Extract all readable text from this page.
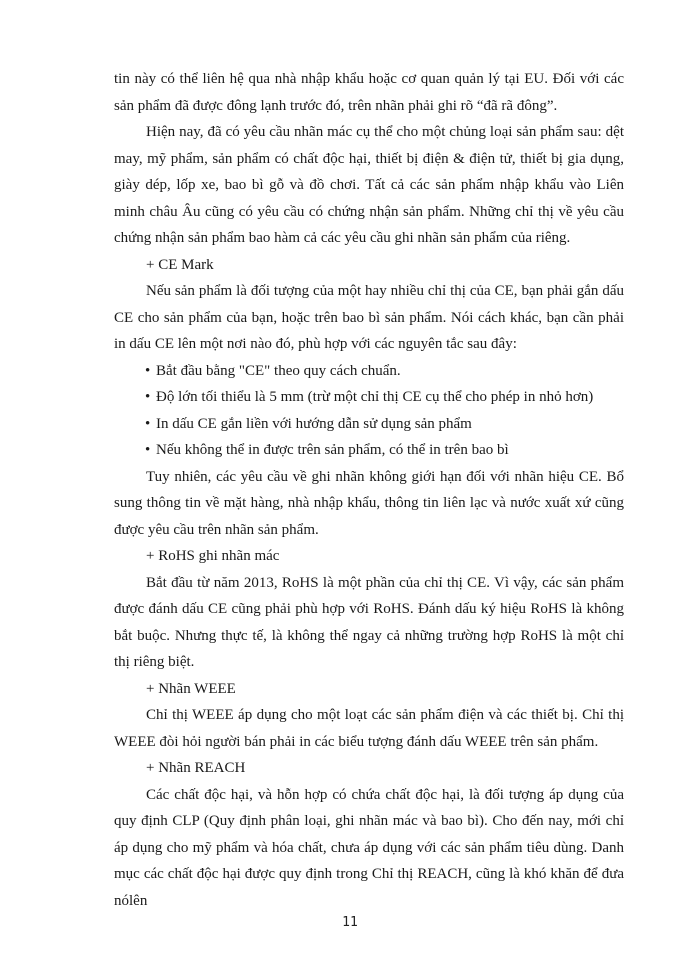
tin này có thể liên hệ qua nhà nhập khẩu hoặc cơ quan quản lý tại EU. Đối với các sản phẩm đã được đông lạnh trước đó, trên nhãn phải ghi rõ “đã rã đông”.

Hiện nay, đã có yêu cầu nhãn mác cụ thể cho một chủng loại sản phẩm sau: dệt may, mỹ phẩm, sản phẩm có chất độc hại, thiết bị điện & điện tử, thiết bị gia dụng, giày dép, lốp xe, bao bì gỗ và đồ chơi. Tất cả các sản phẩm nhập khẩu vào Liên minh châu Âu cũng có yêu cầu có chứng nhận sản phẩm. Những chỉ thị về yêu cầu chứng nhận sản phẩm bao hàm cả các yêu cầu ghi nhãn sản phẩm của riêng.

+ CE Mark

Nếu sản phẩm là đối tượng của một hay nhiều chỉ thị của CE, bạn phải gắn dấu CE cho sản phẩm của bạn, hoặc trên bao bì sản phẩm. Nói cách khác, bạn cần phải in dấu CE lên một nơi nào đó, phù hợp với các nguyên tắc sau đây:

• Bắt đầu bằng "CE" theo quy cách chuẩn.
• Độ lớn tối thiểu là 5 mm (trừ một chỉ thị CE cụ thể cho phép in nhỏ hơn)
• In dấu CE gắn liền với hướng dẫn sử dụng sản phẩm
• Nếu không thể in được trên sản phẩm, có thể in trên bao bì

Tuy nhiên, các yêu cầu về ghi nhãn không giới hạn đối với nhãn hiệu CE. Bổ sung thông tin về mặt hàng, nhà nhập khẩu, thông tin liên lạc và nước xuất xứ cũng được yêu cầu trên nhãn sản phẩm.

+ RoHS ghi nhãn mác

Bắt đầu từ năm 2013, RoHS là một phần của chỉ thị CE. Vì vậy, các sản phẩm được đánh dấu CE cũng phải phù hợp với RoHS. Đánh dấu ký hiệu RoHS là không bắt buộc. Nhưng thực tế, là không thể ngay cả những trường hợp RoHS là một chỉ thị riêng biệt.

+ Nhãn WEEE

Chỉ thị WEEE áp dụng cho một loạt các sản phẩm điện và các thiết bị. Chỉ thị WEEE đòi hỏi người bán phải in các biểu tượng đánh dấu WEEE trên sản phẩm.

+ Nhãn REACH

Các chất độc hại, và hỗn hợp có chứa chất độc hại, là đối tượng áp dụng của quy định CLP (Quy định phân loại, ghi nhãn mác và bao bì). Cho đến nay, mới chỉ áp dụng cho mỹ phẩm và hóa chất, chưa áp dụng với các sản phẩm tiêu dùng. Danh mục các chất độc hại được quy định trong Chỉ thị REACH, cũng là khó khăn để đưa nólên

11
